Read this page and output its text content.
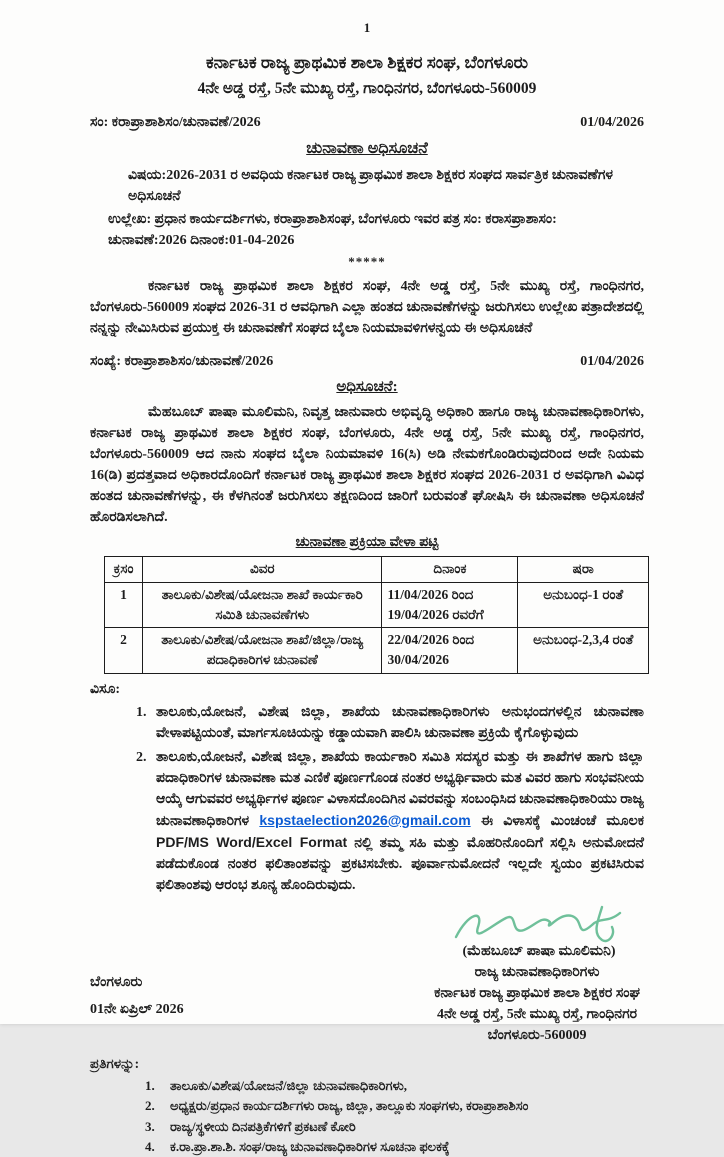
1
ಕರ್ನಾಟಕ ರಾಜ್ಯ ಪ್ರಾಥಮಿಕ ಶಾಲಾ ಶಿಕ್ಷಕರ ಸಂಘ, ಬೆಂಗಳೂರು
4ನೇ ಅಡ್ಡ ರಸ್ತೆ, 5ನೇ ಮುಖ್ಯ ರಸ್ತೆ, ಗಾಂಧಿನಗರ, ಬೆಂಗಳೂರು-560009
ಸಂ: ಕರಾಪ್ರಾಶಾಶಿಸಂ/ಚುನಾವಣೆ/2026	01/04/2026
ಚುನಾವಣಾ ಅಧಿಸೂಚನೆ
ವಿಷಯ:2026-2031 ರ ಅವಧಿಯ ಕರ್ನಾಟಕ ರಾಜ್ಯ ಪ್ರಾಥಮಿಕ ಶಾಲಾ ಶಿಕ್ಷಕರ ಸಂಘದ ಸಾರ್ವತ್ರಿಕ ಚುನಾವಣೆಗಳ ಅಧಿಸೂಚನೆ
ಉಲ್ಲೇಖ: ಪ್ರಧಾನ ಕಾರ್ಯದರ್ಶಿಗಳು, ಕರಾಪ್ರಾಶಾಶಿಸಂಘ, ಬೆಂಗಳೂರು ಇವರ ಪತ್ರ ಸಂ: ಕರಾಸಪ್ರಾಶಾಸಂ: ಚುನಾವಣೆ:2026 ದಿನಾಂಕ:01-04-2026
*****
ಕರ್ನಾಟಕ ರಾಜ್ಯ ಪ್ರಾಥಮಿಕ ಶಾಲಾ ಶಿಕ್ಷಕರ ಸಂಘ, 4ನೇ ಅಡ್ಡ ರಸ್ತೆ, 5ನೇ ಮುಖ್ಯ ರಸ್ತೆ, ಗಾಂಧಿನಗರ, ಬೆಂಗಳೂರು-560009 ಸಂಘದ 2026-31 ರ ಆವಧಿಗಾಗಿ ಎಲ್ಲಾ ಹಂತದ ಚುನಾವಣೆಗಳನ್ನು ಜರುಗಿಸಲು ಉಲ್ಲೇಖ ಪತ್ರಾದೇಶದಲ್ಲಿ ನನ್ನನ್ನು ನೇಮಿಸಿರುವ ಪ್ರಯುಕ್ತ ಈ ಚುನಾವಣೆಗೆ ಸಂಘದ ಬೈಲಾ ನಿಯಮಾವಳಿಗಳನ್ವಯ ಈ ಅಧಿಸೂಚನೆ
ಸಂಖ್ಯೆ: ಕರಾಪ್ರಾಶಾಶಿಸಂ/ಚುನಾವಣೆ/2026	01/04/2026
ಅಧಿಸೂಚನೆ:
ಮೆಹಬೂಬ್ ಪಾಷಾ ಮೂಲಿಮನಿ, ನಿವೃತ್ತ ಜಾನುವಾರು ಅಭಿವೃದ್ಧಿ ಅಧಿಕಾರಿ ಹಾಗೂ ರಾಜ್ಯ ಚುನಾವಣಾಧಿಕಾರಿಗಳು, ಕರ್ನಾಟಕ ರಾಜ್ಯ ಪ್ರಾಥಮಿಕ ಶಾಲಾ ಶಿಕ್ಷಕರ ಸಂಘ, ಬೆಂಗಳೂರು, 4ನೇ ಅಡ್ಡ ರಸ್ತೆ, 5ನೇ ಮುಖ್ಯ ರಸ್ತೆ, ಗಾಂಧಿನಗರ, ಬೆಂಗಳೂರು-560009 ಆದ ನಾನು ಸಂಘದ ಬೈಲಾ ನಿಯಮಾವಳಿ 16(ಸಿ) ಅಡಿ ನೇಮಕಗೊಂಡಿರುವುದರಿಂದ ಅದೇ ನಿಯಮ 16(ಡಿ) ಪ್ರದತ್ತವಾದ ಅಧಿಕಾರದೊಂದಿಗೆ ಕರ್ನಾಟಕ ರಾಜ್ಯ ಪ್ರಾಥಮಿಕ ಶಾಲಾ ಶಿಕ್ಷಕರ ಸಂಘದ 2026-2031 ರ ಅವಧಿಗಾಗಿ ವಿವಿಧ ಹಂತದ ಚುನಾವಣೆಗಳನ್ನು, ಈ ಕೆಳಗಿನಂತೆ ಜರುಗಿಸಲು ತಕ್ಷಣದಿಂದ ಜಾರಿಗೆ ಬರುವಂತೆ ಘೋಷಿಸಿ ಈ ಚುನಾವಣಾ ಅಧಿಸೂಚನೆ ಹೊರಡಿಸಲಾಗಿದೆ.
ಚುನಾವಣಾ ಪ್ರಕ್ರಿಯಾ ವೇಳಾ ಪಟ್ಟಿ
ಕ್ರಸಂ	ವಿವರ	ದಿನಾಂಕ	ಷರಾ
1	ತಾಲೂಕು/ವಿಶೇಷ/ಯೋಜನಾ ಶಾಖೆ ಕಾರ್ಯಕಾರಿ ಸಮಿತಿ ಚುನಾವಣೆಗಳು	11/04/2026 ರಿಂದ 19/04/2026 ರವರೆಗೆ	ಅನುಬಂಧ-1 ರಂತೆ
2	ತಾಲೂಕು/ವಿಶೇಷ/ಯೋಜನಾ ಶಾಖೆ/ಜಿಲ್ಲಾ/ರಾಜ್ಯ ಪದಾಧಿಕಾರಿಗಳ ಚುನಾವಣೆ	22/04/2026 ರಿಂದ 30/04/2026	ಅನುಬಂಧ-2,3,4 ರಂತೆ
ವಿಸೂ:
1. ತಾಲೂಕು,ಯೋಜನೆ, ವಿಶೇಷ ಜಿಲ್ಲಾ, ಶಾಖೆಯ ಚುನಾವಣಾಧಿಕಾರಿಗಳು ಅನುಭಂದಗಳಲ್ಲಿನ ಚುನಾವಣಾ ವೇಳಾಪಟ್ಟಿಯಂತೆ, ಮಾರ್ಗಸೂಚಿಯನ್ನು ಕಡ್ಡಾಯವಾಗಿ ಪಾಲಿಸಿ ಚುನಾವಣಾ ಪ್ರಕ್ರಿಯೆ ಕೈಗೊಳ್ಳುವುದು
2. ತಾಲೂಕು,ಯೋಜನೆ, ವಿಶೇಷ ಜಿಲ್ಲಾ, ಶಾಖೆಯ ಕಾರ್ಯಕಾರಿ ಸಮಿತಿ ಸದಸ್ಯರ ಮತ್ತು ಈ ಶಾಖೆಗಳ ಹಾಗು ಜಿಲ್ಲಾ ಪದಾಧಿಕಾರಿಗಳ ಚುನಾವಣಾ ಮತ ಎಣಿಕೆ ಪೂರ್ಣಗೊಂಡ ನಂತರ ಅಭ್ಯರ್ಥಿವಾರು ಮತ ವಿವರ ಹಾಗು ಸಂಭವನೀಯ ಆಯ್ಕೆ ಆಗುವವರ ಅಭ್ಯರ್ಥಿಗಳ ಪೂರ್ಣ ವಿಳಾಸದೊಂದಿಗಿನ ವಿವರವನ್ನು ಸಂಬಂಧಿಸಿದ ಚುನಾವಣಾಧಿಕಾರಿಯು ರಾಜ್ಯ ಚುನಾವಣಾಧಿಕಾರಿಗಳ kspstaelection2026@gmail.com ಈ ವಿಳಾಸಕ್ಕೆ ಮಿಂಚಂಚೆ ಮೂಲಕ PDF/MS Word/Excel Format ನಲ್ಲಿ ತಮ್ಮ ಸಹಿ ಮತ್ತು ಮೊಹರಿನೊಂದಿಗೆ ಸಲ್ಲಿಸಿ ಅನುಮೋದನೆ ಪಡೆದುಕೊಂಡ ನಂತರ ಫಲಿತಾಂಶವನ್ನು ಪ್ರಕಟಿಸಬೇಕು. ಪೂರ್ವಾನುಮೋದನೆ ಇಲ್ಲದೇ ಸ್ವಯಂ ಪ್ರಕಟಿಸಿರುವ ಫಲಿತಾಂಶವು ಆರಂಭ ಶೂನ್ಯ ಹೊಂದಿರುವುದು.
(ಮೆಹಬೂಬ್ ಪಾಷಾ ಮೂಲಿಮನಿ)
ಬೆಂಗಳೂರು
01ನೇ ಏಪ್ರಿಲ್ 2026
ರಾಜ್ಯ ಚುನಾವಣಾಧಿಕಾರಿಗಳು
ಕರ್ನಾಟಕ ರಾಜ್ಯ ಪ್ರಾಥಮಿಕ ಶಾಲಾ ಶಿಕ್ಷಕರ ಸಂಘ
4ನೇ ಅಡ್ಡ ರಸ್ತೆ, 5ನೇ ಮುಖ್ಯ ರಸ್ತೆ, ಗಾಂಧಿನಗರ
ಬೆಂಗಳೂರು-560009
ಪ್ರತಿಗಳನ್ನು:
1. ತಾಲೂಕು/ವಿಶೇಷ/ಯೋಜನೆ/ಜಿಲ್ಲಾ ಚುನಾವಣಾಧಿಕಾರಿಗಳು,
2. ಅಧ್ಯಕ್ಷರು/ಪ್ರಧಾನ ಕಾರ್ಯದರ್ಶಿಗಳು ರಾಜ್ಯ, ಜಿಲ್ಲಾ, ತಾಲ್ಲೂಕು ಸಂಘಗಳು, ಕರಾಪ್ರಾಶಾಶಿಸಂ
3. ರಾಜ್ಯ/ಸ್ಥಳೀಯ ದಿನಪತ್ರಿಕೆಗಳಿಗೆ ಪ್ರಕಟಣೆ ಕೋರಿ
4. ಕ.ರಾ.ಪ್ರಾ.ಶಾ.ಶಿ. ಸಂಘ/ರಾಜ್ಯ ಚುನಾವಣಾಧಿಕಾರಿಗಳ ಸೂಚನಾ ಫಲಕಕ್ಕೆ
